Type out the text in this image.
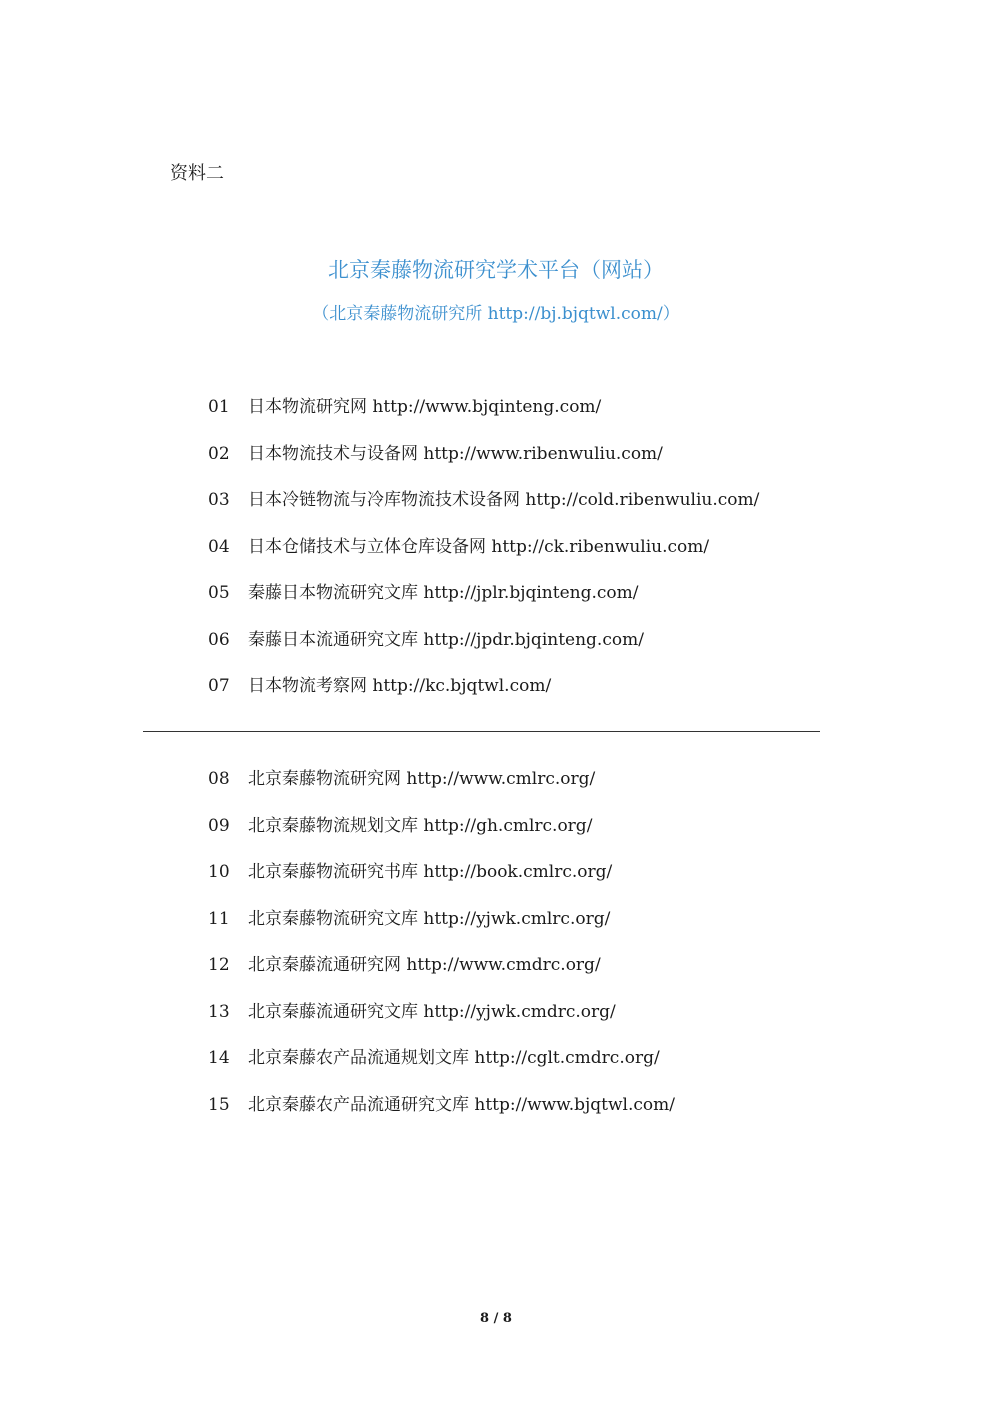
资料二
北京秦藤物流研究学术平台（网站）
（北京秦藤物流研究所 http://bj.bjqtwl.com/）
01 日本物流研究网 http://www.bjqinteng.com/
02 日本物流技术与设备网 http://www.ribenwuliu.com/
03 日本冷链物流与冷库物流技术设备网 http://cold.ribenwuliu.com/
04 日本仓储技术与立体仓库设备网 http://ck.ribenwuliu.com/
05 秦藤日本物流研究文库 http://jplr.bjqinteng.com/
06 秦藤日本流通研究文库 http://jpdr.bjqinteng.com/
07 日本物流考察网 http://kc.bjqtwl.com/
08 北京秦藤物流研究网 http://www.cmlrc.org/
09 北京秦藤物流规划文库 http://gh.cmlrc.org/
10 北京秦藤物流研究书库 http://book.cmlrc.org/
11 北京秦藤物流研究文库 http://yjwk.cmlrc.org/
12 北京秦藤流通研究网 http://www.cmdrc.org/
13 北京秦藤流通研究文库 http://yjwk.cmdrc.org/
14 北京秦藤农产品流通规划文库 http://cglt.cmdrc.org/
15 北京秦藤农产品流通研究文库 http://www.bjqtwl.com/
8 / 8
